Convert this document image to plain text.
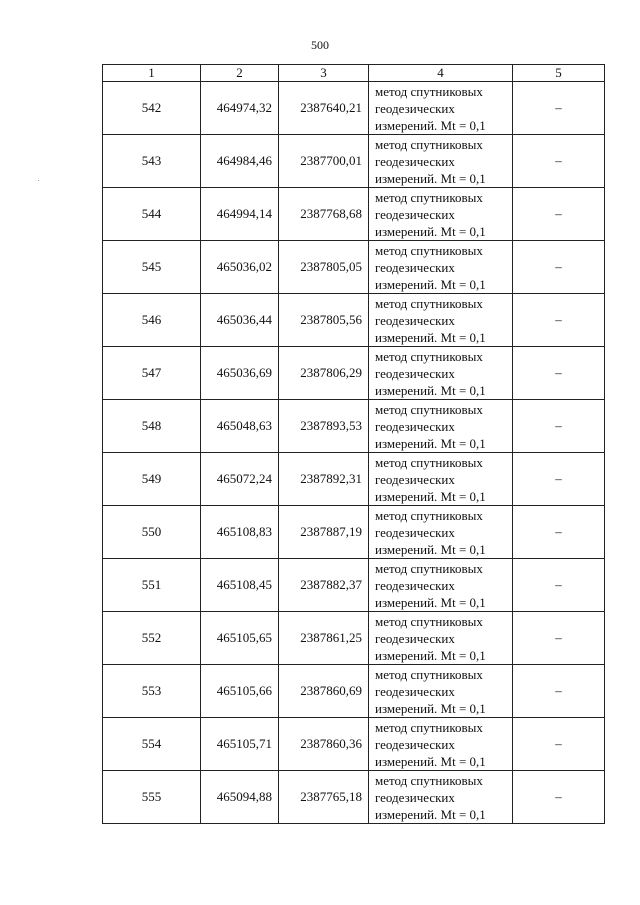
500
1	2	3	4	5
542	464974,32	2387640,21	метод спутниковых
геодезических
измерений. Mt = 0,1	–
543	464984,46	2387700,01	метод спутниковых
геодезических
измерений. Mt = 0,1	–
544	464994,14	2387768,68	метод спутниковых
геодезических
измерений. Mt = 0,1	–
545	465036,02	2387805,05	метод спутниковых
геодезических
измерений. Mt = 0,1	–
546	465036,44	2387805,56	метод спутниковых
геодезических
измерений. Mt = 0,1	–
547	465036,69	2387806,29	метод спутниковых
геодезических
измерений. Mt = 0,1	–
548	465048,63	2387893,53	метод спутниковых
геодезических
измерений. Mt = 0,1	–
549	465072,24	2387892,31	метод спутниковых
геодезических
измерений. Mt = 0,1	–
550	465108,83	2387887,19	метод спутниковых
геодезических
измерений. Mt = 0,1	–
551	465108,45	2387882,37	метод спутниковых
геодезических
измерений. Mt = 0,1	–
552	465105,65	2387861,25	метод спутниковых
геодезических
измерений. Mt = 0,1	–
553	465105,66	2387860,69	метод спутниковых
геодезических
измерений. Mt = 0,1	–
554	465105,71	2387860,36	метод спутниковых
геодезических
измерений. Mt = 0,1	–
555	465094,88	2387765,18	метод спутниковых
геодезических
измерений. Mt = 0,1	–
